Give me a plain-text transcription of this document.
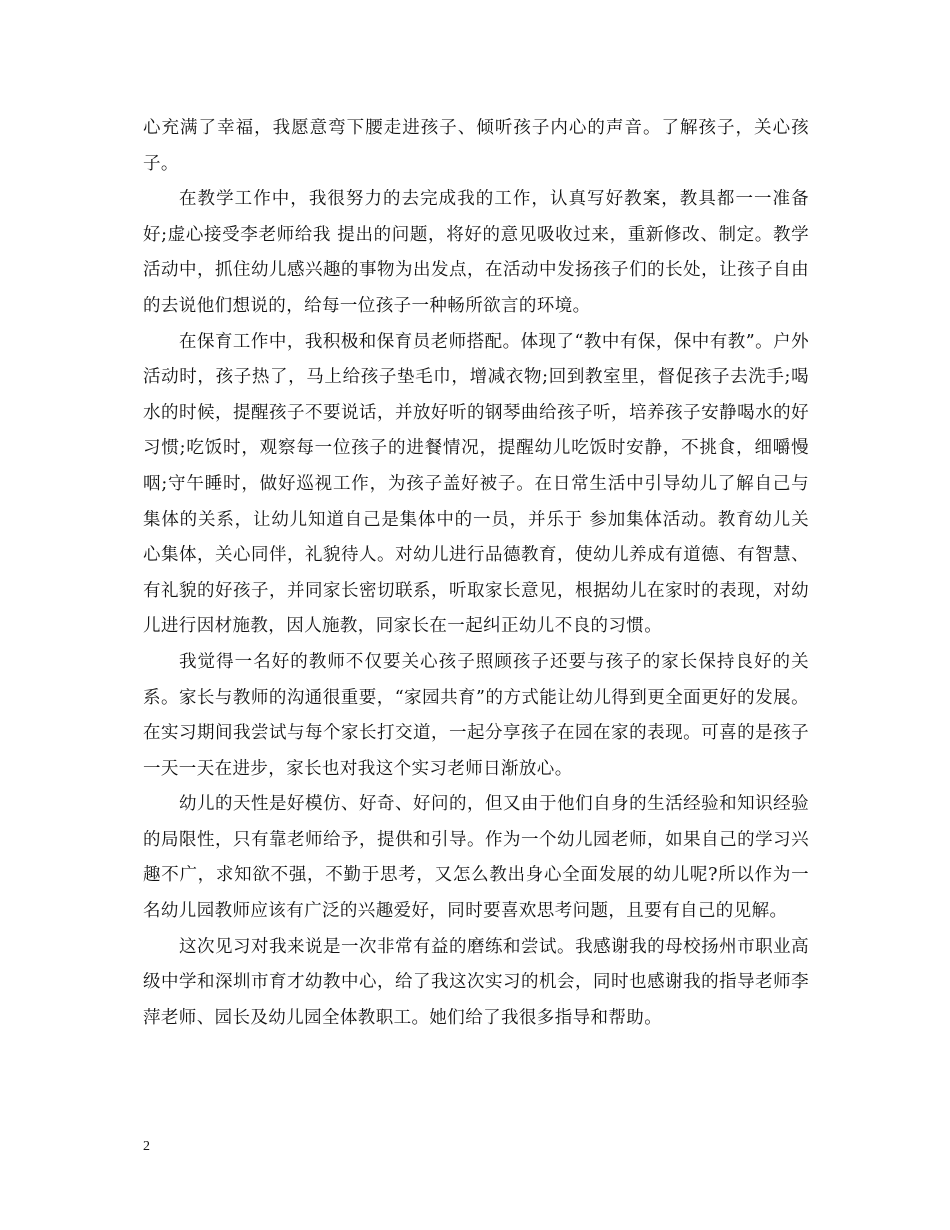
心充满了幸福，我愿意弯下腰走进孩子、倾听孩子内心的声音。了解孩子，关心孩子。

在教学工作中，我很努力的去完成我的工作，认真写好教案，教具都一一准备好;虚心接受李老师给我 提出的问题，将好的意见吸收过来，重新修改、制定。教学活动中，抓住幼儿感兴趣的事物为出发点，在活动中发扬孩子们的长处，让孩子自由的去说他们想说的，给每一位孩子一种畅所欲言的环境。

在保育工作中，我积极和保育员老师搭配。体现了“教中有保，保中有教”。户外活动时，孩子热了，马上给孩子垫毛巾，增减衣物;回到教室里，督促孩子去洗手;喝水的时候，提醒孩子不要说话，并放好听的钢琴曲给孩子听，培养孩子安静喝水的好习惯;吃饭时，观察每一位孩子的进餐情况，提醒幼儿吃饭时安静，不挑食，细嚼慢咽;守午睡时，做好巡视工作，为孩子盖好被子。在日常生活中引导幼儿了解自己与集体的关系，让幼儿知道自己是集体中的一员，并乐于 参加集体活动。教育幼儿关心集体，关心同伴，礼貌待人。对幼儿进行品德教育，使幼儿养成有道德、有智慧、有礼貌的好孩子，并同家长密切联系，听取家长意见，根据幼儿在家时的表现，对幼儿进行因材施教，因人施教，同家长在一起纠正幼儿不良的习惯。

我觉得一名好的教师不仅要关心孩子照顾孩子还要与孩子的家长保持良好的关系。家长与教师的沟通很重要，“家园共育”的方式能让幼儿得到更全面更好的发展。在实习期间我尝试与每个家长打交道，一起分享孩子在园在家的表现。可喜的是孩子一天一天在进步，家长也对我这个实习老师日渐放心。

幼儿的天性是好模仿、好奇、好问的，但又由于他们自身的生活经验和知识经验的局限性，只有靠老师给予，提供和引导。作为一个幼儿园老师，如果自己的学习兴趣不广，求知欲不强，不勤于思考，又怎么教出身心全面发展的幼儿呢?所以作为一名幼儿园教师应该有广泛的兴趣爱好，同时要喜欢思考问题，且要有自己的见解。

这次见习对我来说是一次非常有益的磨练和尝试。我感谢我的母校扬州市职业高级中学和深圳市育才幼教中心，给了我这次实习的机会，同时也感谢我的指导老师李萍老师、园长及幼儿园全体教职工。她们给了我很多指导和帮助。

2
